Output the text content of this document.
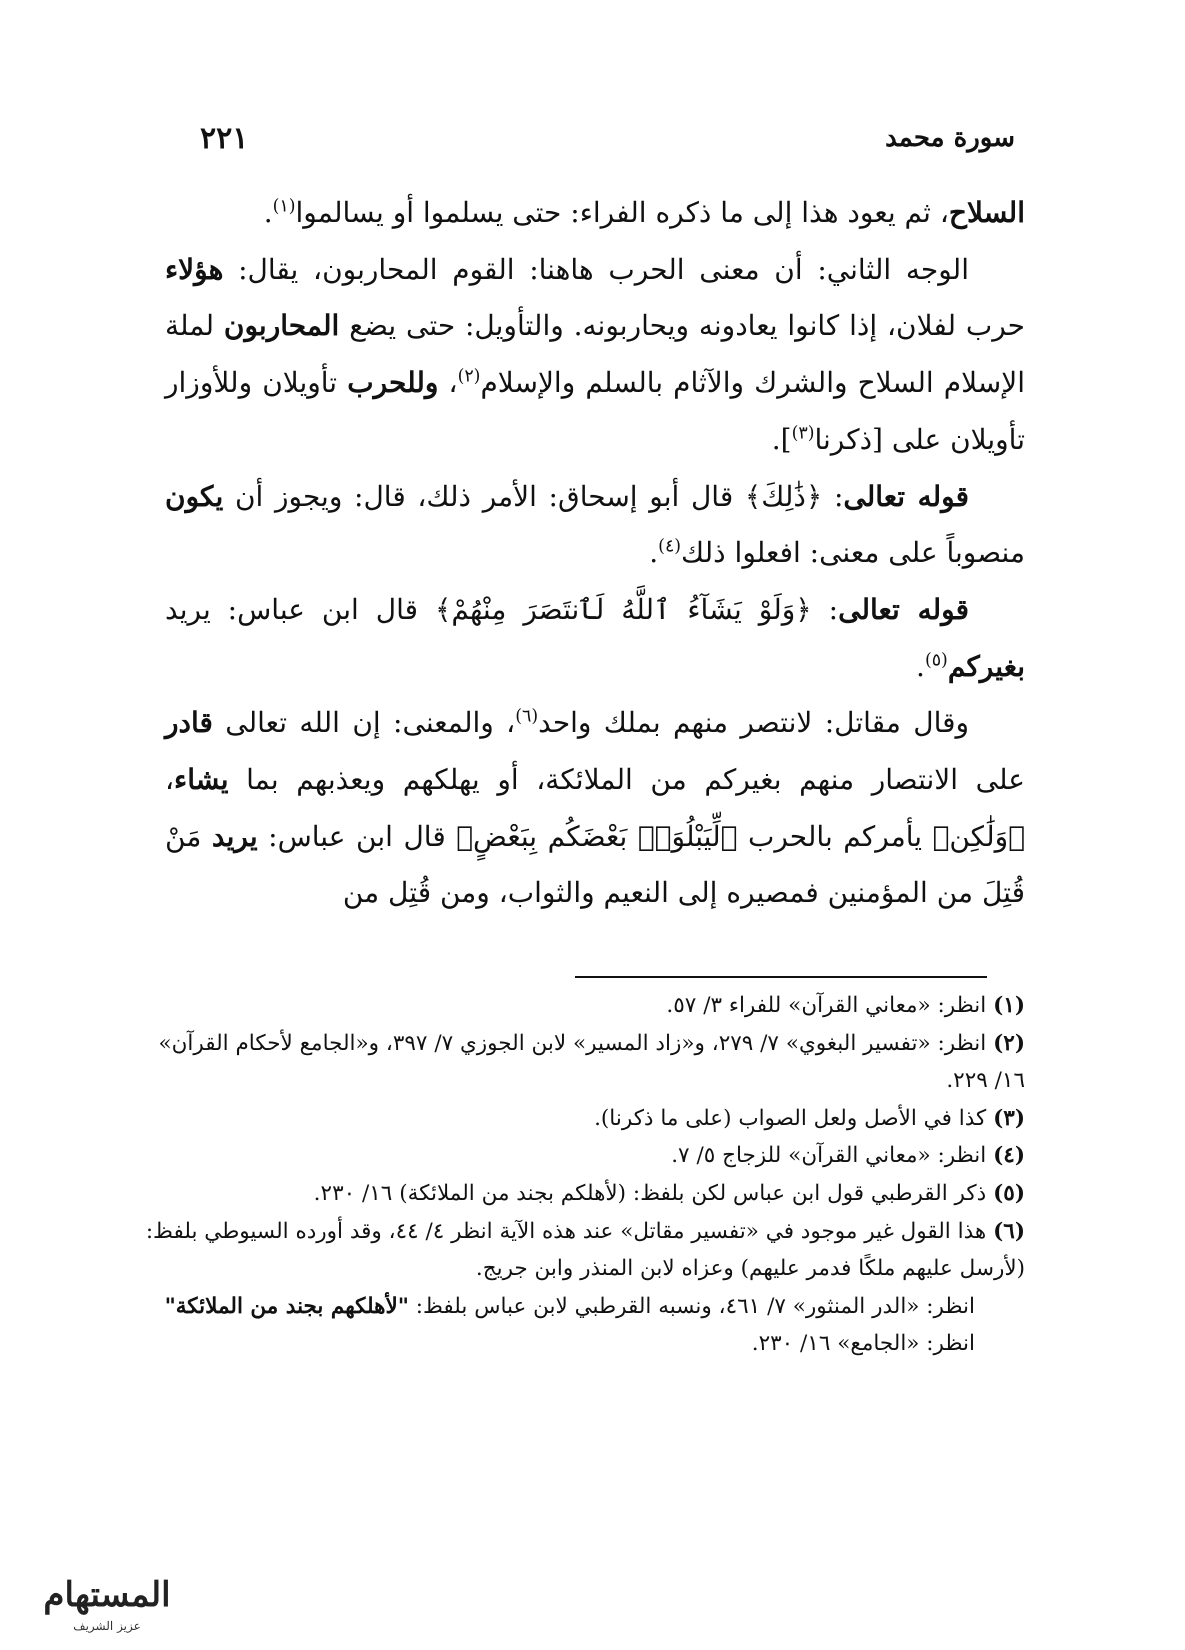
٢٢١	سورة محمد

السلاح، ثم يعود هذا إلى ما ذكره الفراء: حتى يسلموا أو يسالموا$^{(١)}$.

الوجه الثاني: أن معنى الحرب هاهنا: القوم المحاربون، يقال: هؤلاء حرب لفلان، إذا كانوا يعادونه ويحاربونه. والتأويل: حتى يضع المحاربون لملة الإسلام السلاح والشرك والآثام بالسلم والإسلام$^{(٢)}$، وللحرب تأويلان وللأوزار تأويلان على [ذكرنا$^{(٣)}$].

قوله تعالى: ﴿ذَٰلِكَ﴾ قال أبو إسحاق: الأمر ذلك، قال: ويجوز أن يكون منصوباً على معنى: افعلوا ذلك$^{(٤)}$.

قوله تعالى: ﴿وَلَوْ يَشَآءُ ٱللَّهُ لَٱنتَصَرَ مِنْهُمْ﴾ قال ابن عباس: يريد بغيركم$^{(٥)}$.

وقال مقاتل: لانتصر منهم بملك واحد$^{(٦)}$، والمعنى: إن الله تعالى قادر على الانتصار منهم بغيركم من الملائكة، أو يهلكهم ويعذبهم بما يشاء، ﴿وَلَٰكِن﴾ يأمركم بالحرب ﴿لِّيَبْلُوَا۟ بَعْضَكُم بِبَعْضٍ﴾ قال ابن عباس: يريد مَنْ قُتِلَ من المؤمنين فمصيره إلى النعيم والثواب، ومن قُتِل من

(١) انظر: «معاني القرآن» للفراء ٣/ ٥٧.

(٢) انظر: «تفسير البغوي» ٧/ ٢٧٩، و«زاد المسير» لابن الجوزي ٧/ ٣٩٧، و«الجامع لأحكام القرآن» ١٦/ ٢٢٩.

(٣) كذا في الأصل ولعل الصواب (على ما ذكرنا).

(٤) انظر: «معاني القرآن» للزجاج ٥/ ٧.

(٥) ذكر القرطبي قول ابن عباس لكن بلفظ: (لأهلكم بجند من الملائكة) ١٦/ ٢٣٠.

(٦) هذا القول غير موجود في «تفسير مقاتل» عند هذه الآية انظر ٤/ ٤٤، وقد أورده السيوطي بلفظ: (لأرسل عليهم ملكًا فدمر عليهم) وعزاه لابن المنذر وابن جريج.

انظر: «الدر المنثور» ٧/ ٤٦١، ونسبه القرطبي لابن عباس بلفظ: "لأهلكهم بجند من الملائكة" انظر: «الجامع» ١٦/ ٢٣٠.

المستهام
عزيز الشريف
